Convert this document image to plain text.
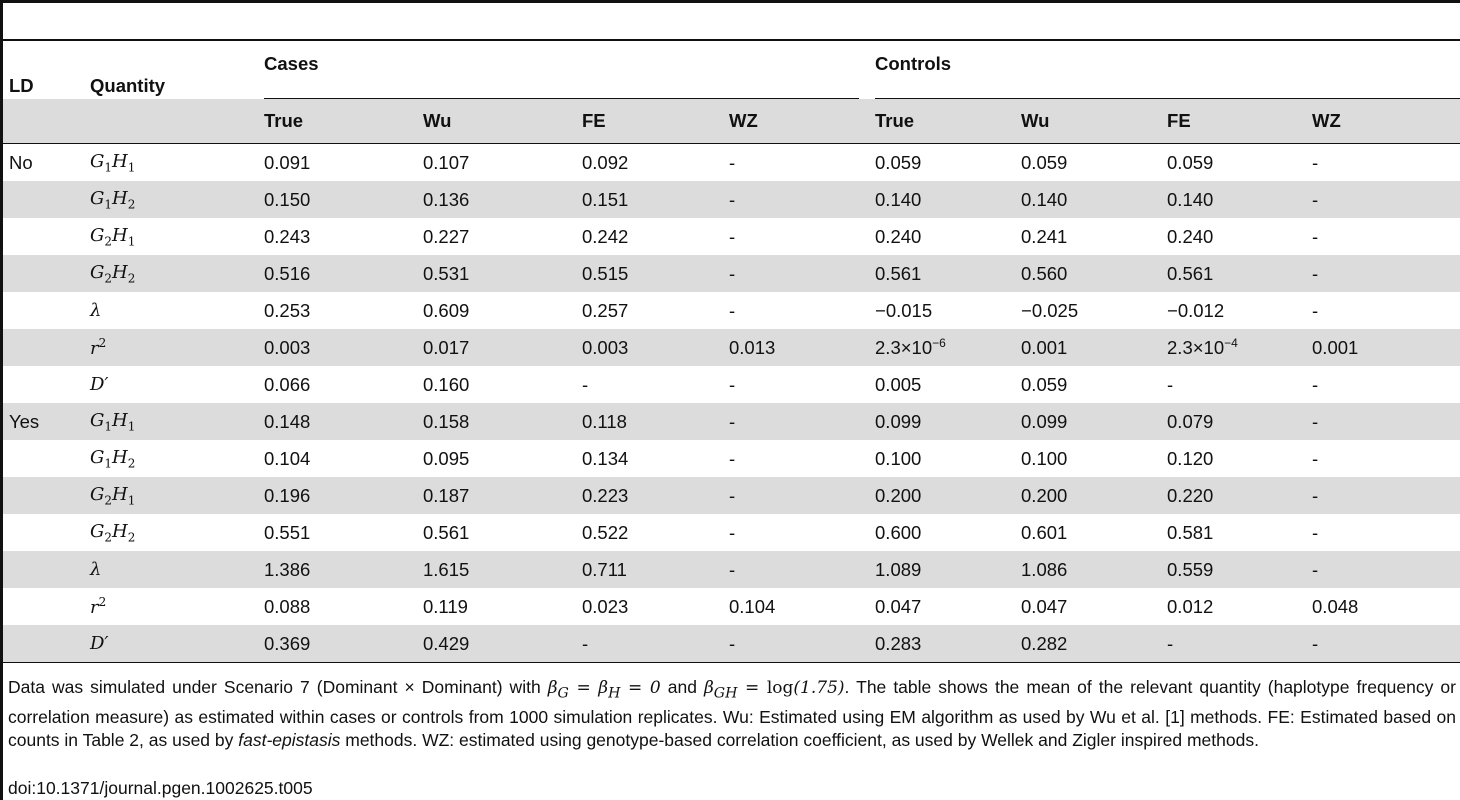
LD	Quantity	Cases				Controls			

		True	Wu	FE	WZ	True	Wu	FE	WZ
No	$G_1H_1$	0.091	0.107	0.092	-	0.059	0.059	0.059	-
	$G_1H_2$	0.150	0.136	0.151	-	0.140	0.140	0.140	-
	$G_2H_1$	0.243	0.227	0.242	-	0.240	0.241	0.240	-
	$G_2H_2$	0.516	0.531	0.515	-	0.561	0.560	0.561	-
	λ	0.253	0.609	0.257	-	−0.015	−0.025	−0.012	-
	$r^2$	0.003	0.017	0.003	0.013	$2.3\times 10^{-6}$	0.001	$2.3\times 10^{-4}$	0.001
	D′	0.066	0.160	-	-	0.005	0.059	-	-
Yes	$G_1H_1$	0.148	0.158	0.118	-	0.099	0.099	0.079	-
	$G_1H_2$	0.104	0.095	0.134	-	0.100	0.100	0.120	-
	$G_2H_1$	0.196	0.187	0.223	-	0.200	0.200	0.220	-
	$G_2H_2$	0.551	0.561	0.522	-	0.600	0.601	0.581	-
	λ	1.386	1.615	0.711	-	1.089	1.086	0.559	-
	$r^2$	0.088	0.119	0.023	0.104	0.047	0.047	0.012	0.048
	D′	0.369	0.429	-	-	0.283	0.282	-	-
Data was simulated under Scenario 7 (Dominant × Dominant) with $\beta_G = \beta_H = 0$ and $\beta_{GH} = \log(1.75)$. The table shows the mean of the relevant quantity (haplotype frequency or correlation measure) as estimated within cases or controls from 1000 simulation replicates. Wu: Estimated using EM algorithm as used by Wu et al. [1] methods. FE: Estimated based on counts in Table 2, as used by fast-epistasis methods. WZ: estimated using genotype-based correlation coefficient, as used by Wellek and Zigler inspired methods.
doi:10.1371/journal.pgen.1002625.t005
